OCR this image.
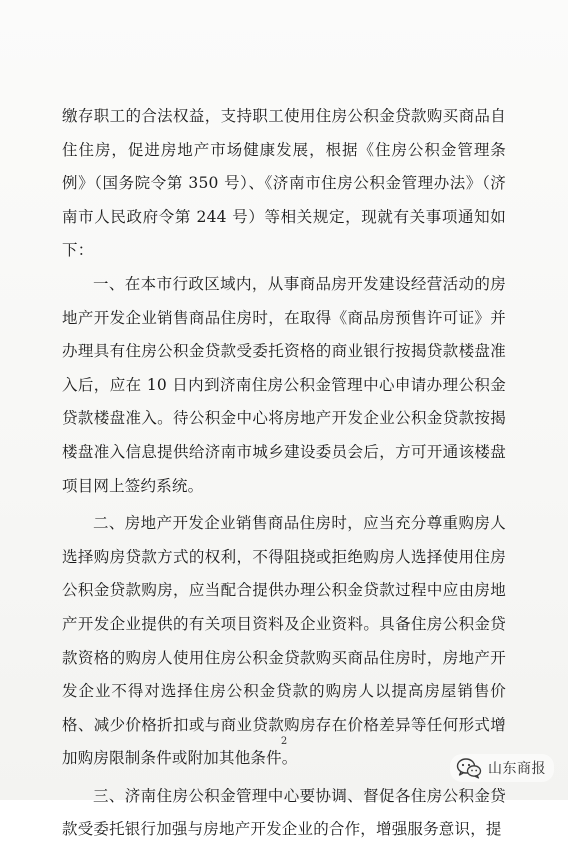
缴存职工的合法权益，支持职工使用住房公积金贷款购买商品自住住房，促进房地产市场健康发展，根据《住房公积金管理条例》（国务院令第 350 号）、《济南市住房公积金管理办法》（济南市人民政府令第 244 号）等相关规定，现就有关事项通知如下：

一、在本市行政区域内，从事商品房开发建设经营活动的房地产开发企业销售商品住房时，在取得《商品房预售许可证》并办理具有住房公积金贷款受委托资格的商业银行按揭贷款楼盘准入后，应在 10 日内到济南住房公积金管理中心申请办理公积金贷款楼盘准入。待公积金中心将房地产开发企业公积金贷款按揭楼盘准入信息提供给济南市城乡建设委员会后，方可开通该楼盘项目网上签约系统。

二、房地产开发企业销售商品住房时，应当充分尊重购房人选择购房贷款方式的权利，不得阻挠或拒绝购房人选择使用住房公积金贷款购房，应当配合提供办理公积金贷款过程中应由房地产开发企业提供的有关项目资料及企业资料。具备住房公积金贷款资格的购房人使用住房公积金贷款购买商品住房时，房地产开发企业不得对选择住房公积金贷款的购房人以提高房屋销售价格、减少价格折扣或与商业贷款购房存在价格差异等任何形式增加购房限制条件或附加其他条件。

三、济南住房公积金管理中心要协调、督促各住房公积金贷款受委托银行加强与房地产开发企业的合作，增强服务意识，提

2
山东商报
